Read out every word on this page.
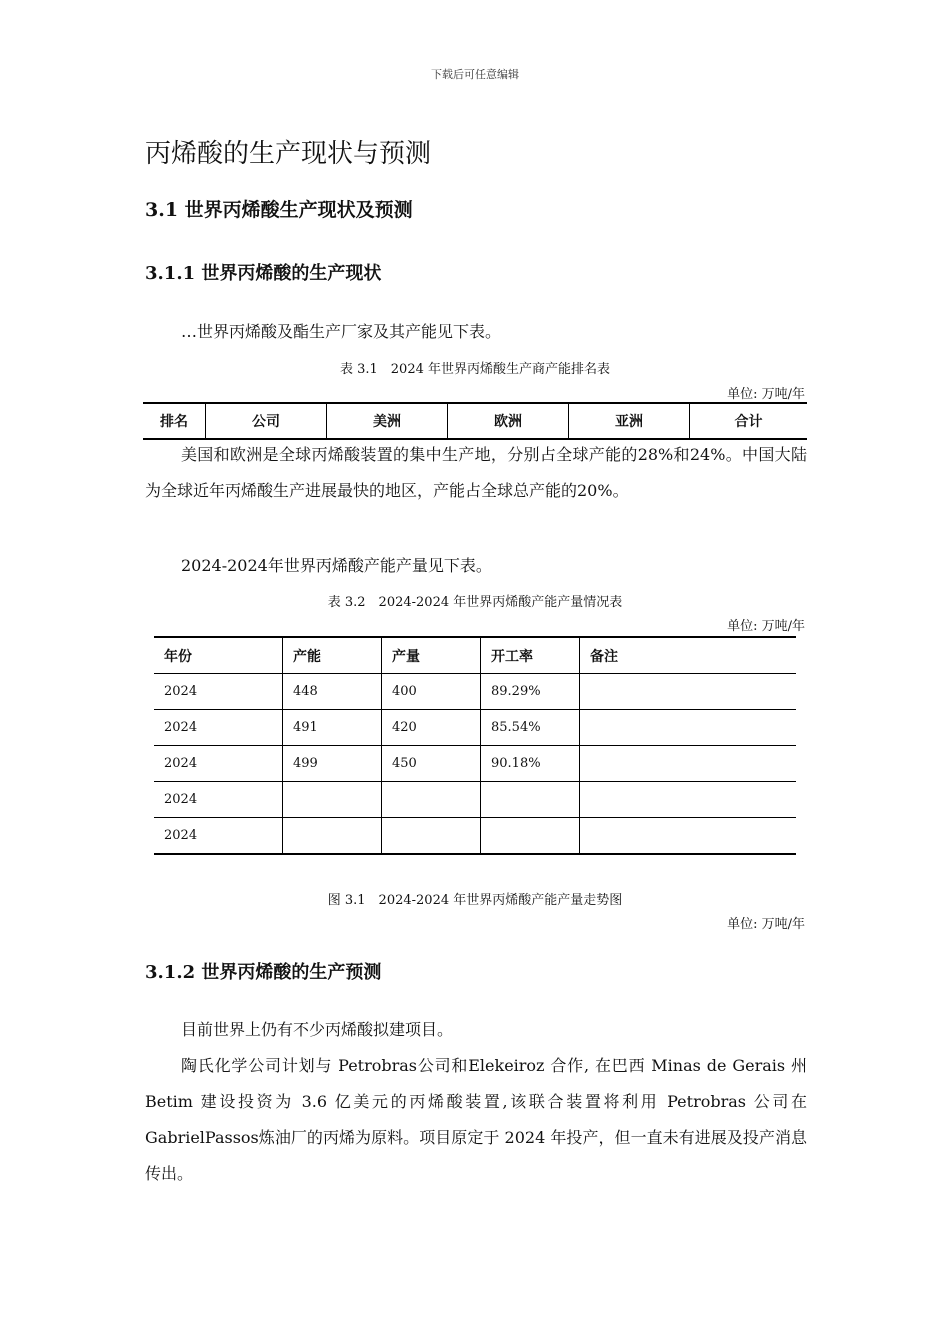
下载后可任意编辑
丙烯酸的生产现状与预测
3.1 世界丙烯酸生产现状及预测
3.1.1 世界丙烯酸的生产现状
…世界丙烯酸及酯生产厂家及其产能见下表。
表 3.1　2024 年世界丙烯酸生产商产能排名表
单位: 万吨/年
排名	公司	美洲	欧洲	亚洲	合计
美国和欧洲是全球丙烯酸装置的集中生产地，分别占全球产能的28%和24%。中国大陆为全球近年丙烯酸生产进展最快的地区，产能占全球总产能的20%。
2024-2024年世界丙烯酸产能产量见下表。
表 3.2　2024-2024 年世界丙烯酸产能产量情况表
单位: 万吨/年
年份	产能	产量	开工率	备注
2024	448	400	89.29%	
2024	491	420	85.54%	
2024	499	450	90.18%	
2024				
2024				
图 3.1　2024-2024 年世界丙烯酸产能产量走势图
单位: 万吨/年
3.1.2 世界丙烯酸的生产预测
目前世界上仍有不少丙烯酸拟建项目。
陶氏化学公司计划与 Petrobras公司和Elekeiroz 合作, 在巴西 Minas de Gerais 州 Betim 建设投资为 3.6 亿美元的丙烯酸装置,该联合装置将利用 Petrobras 公司在 GabrielPassos炼油厂的丙烯为原料。项目原定于 2024 年投产，但一直未有进展及投产消息传出。
